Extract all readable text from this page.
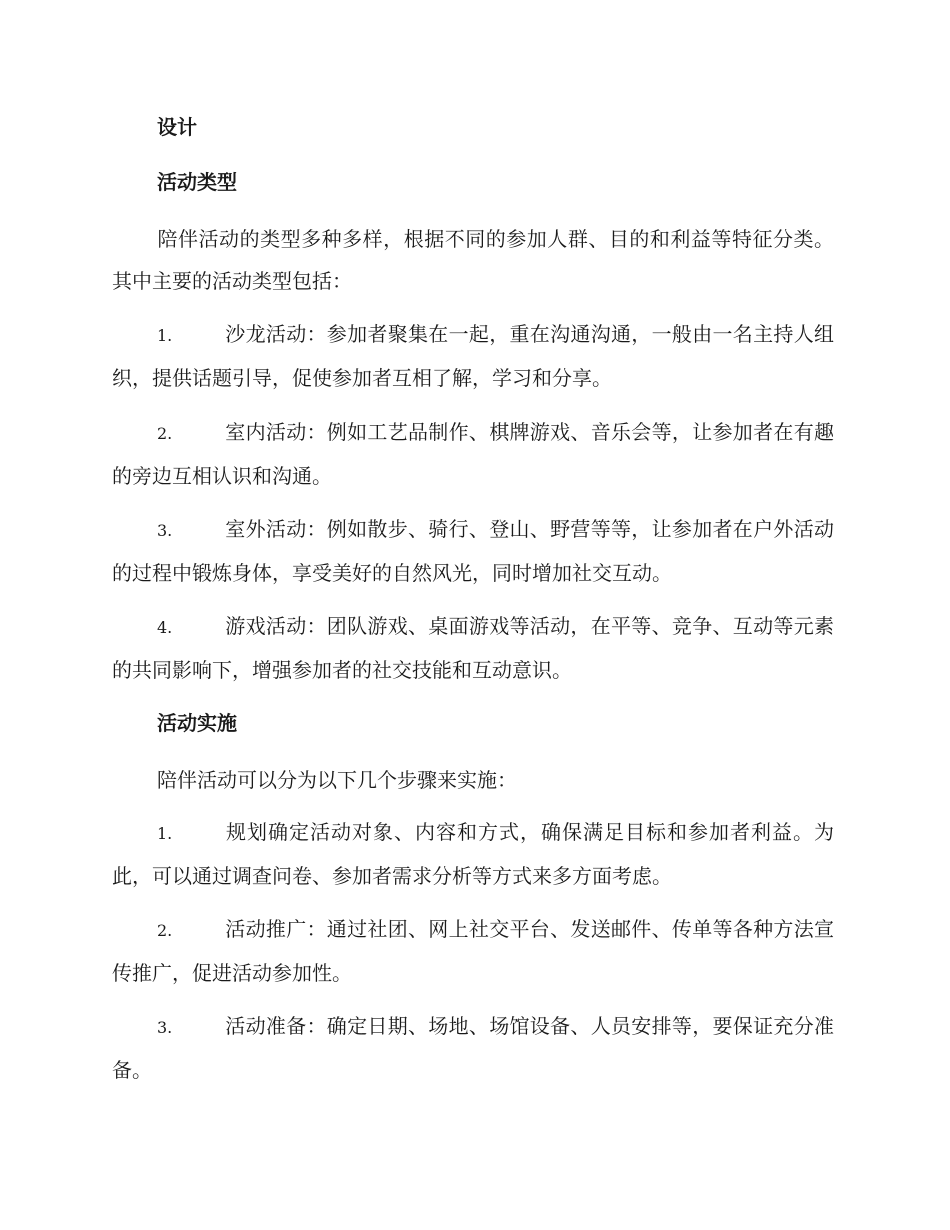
设计
活动类型
陪伴活动的类型多种多样，根据不同的参加人群、目的和利益等特征分类。其中主要的活动类型包括：
1.	沙龙活动：参加者聚集在一起，重在沟通沟通，一般由一名主持人组织，提供话题引导，促使参加者互相了解，学习和分享。
2.	室内活动：例如工艺品制作、棋牌游戏、音乐会等，让参加者在有趣的旁边互相认识和沟通。
3.	室外活动：例如散步、骑行、登山、野营等等，让参加者在户外活动的过程中锻炼身体，享受美好的自然风光，同时增加社交互动。
4.	游戏活动：团队游戏、桌面游戏等活动，在平等、竞争、互动等元素的共同影响下，增强参加者的社交技能和互动意识。
活动实施
陪伴活动可以分为以下几个步骤来实施：
1.	规划确定活动对象、内容和方式，确保满足目标和参加者利益。为此，可以通过调查问卷、参加者需求分析等方式来多方面考虑。
2.	活动推广：通过社团、网上社交平台、发送邮件、传单等各种方法宣传推广，促进活动参加性。
3.	活动准备：确定日期、场地、场馆设备、人员安排等，要保证充分准备。
